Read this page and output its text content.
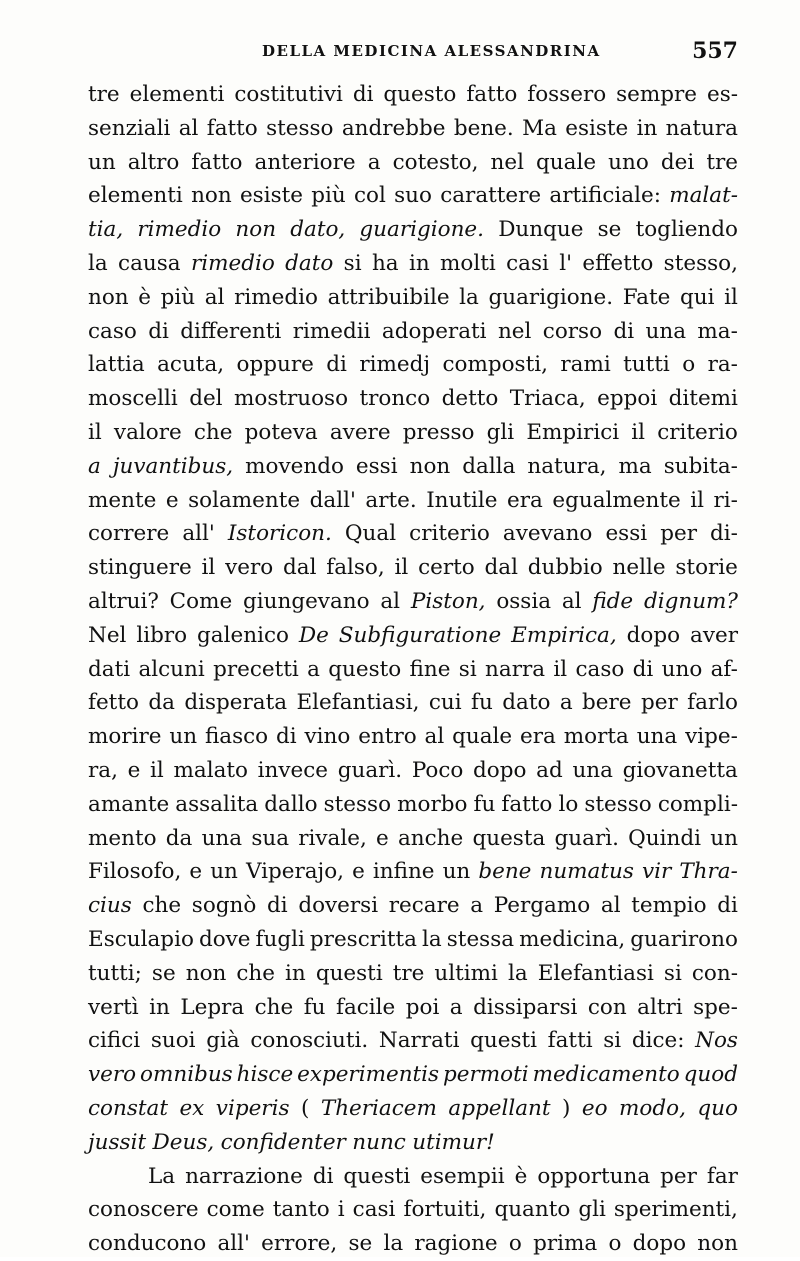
DELLA MEDICINA ALESSANDRINA	557
tre elementi costitutivi di questo fatto fossero sempre es-
senziali al fatto stesso andrebbe bene. Ma esiste in natura
un altro fatto anteriore a cotesto, nel quale uno dei tre
elementi non esiste più col suo carattere artificiale: malat-
tia, rimedio non dato, guarigione. Dunque se togliendo
la causa rimedio dato si ha in molti casi l' effetto stesso,
non è più al rimedio attribuibile la guarigione. Fate qui il
caso di differenti rimedii adoperati nel corso di una ma-
lattia acuta, oppure di rimedj composti, rami tutti o ra-
moscelli del mostruoso tronco detto Triaca, eppoi ditemi
il valore che poteva avere presso gli Empirici il criterio
a juvantibus, movendo essi non dalla natura, ma subita-
mente e solamente dall' arte. Inutile era egualmente il ri-
correre all' Istoricon. Qual criterio avevano essi per di-
stinguere il vero dal falso, il certo dal dubbio nelle storie
altrui? Come giungevano al Piston, ossia al fide dignum?
Nel libro galenico De Subfiguratione Empirica, dopo aver
dati alcuni precetti a questo fine si narra il caso di uno af-
fetto da disperata Elefantiasi, cui fu dato a bere per farlo
morire un fiasco di vino entro al quale era morta una vipe-
ra, e il malato invece guarì. Poco dopo ad una giovanetta
amante assalita dallo stesso morbo fu fatto lo stesso compli-
mento da una sua rivale, e anche questa guarì. Quindi un
Filosofo, e un Viperajo, e infine un bene numatus vir Thra-
cius che sognò di doversi recare a Pergamo al tempio di
Esculapio dove fugli prescritta la stessa medicina, guarirono
tutti; se non che in questi tre ultimi la Elefantiasi si con-
vertì in Lepra che fu facile poi a dissiparsi con altri spe-
cifici suoi già conosciuti. Narrati questi fatti si dice: Nos
vero omnibus hisce experimentis permoti medicamento quod
constat ex viperis ( Theriacem appellant ) eo modo, quo
jussit Deus, confidenter nunc utimur!
La narrazione di questi esempii è opportuna per far
conoscere come tanto i casi fortuiti, quanto gli sperimenti,
conducono all' errore, se la ragione o prima o dopo non
